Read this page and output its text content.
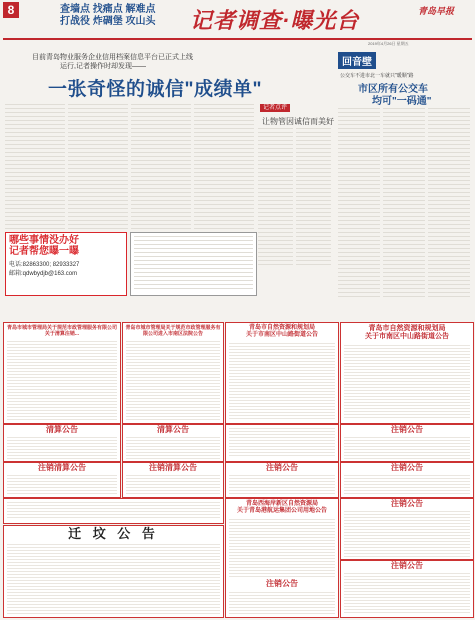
8	查墙点 找痛点 解难点
打战役 炸碉堡 攻山头	记者调查·曝光台	青岛早报
2019年4月26日 星期五
目前青岛物业服务企业信用档案信息平台已正式上线
运行,记者操作时却发现——
一张奇怪的诚信"成绩单"
记者点评
让物管因诚信而美好
哪些事情没办好
记者帮您曝一曝
电话:82863300; 82933327
邮箱:qdwbydjb@163.com
回音壁
公交车不进市北一车就只"暖顺"路
市区所有公交车
均可"一码通"
青岛市城市管理局关于规范市政管理服务有限公司关于清算注销...
青岛市城市管理局关于规范市政管理服务有限公司进入市南区法院公告
青岛市自然资源和规划局
关于市南区中山路街道公告
青岛市自然资源和规划局
关于市南区中山路街道公告
清算公告	清算公告	注销公告
注销清算公告	注销清算公告	注销公告	注销公告
青岛西海岸新区自然资源局
关于青岛港航运集团公司用地公告
注销公告
注销公告
迁 坟 公 告
注销公告
